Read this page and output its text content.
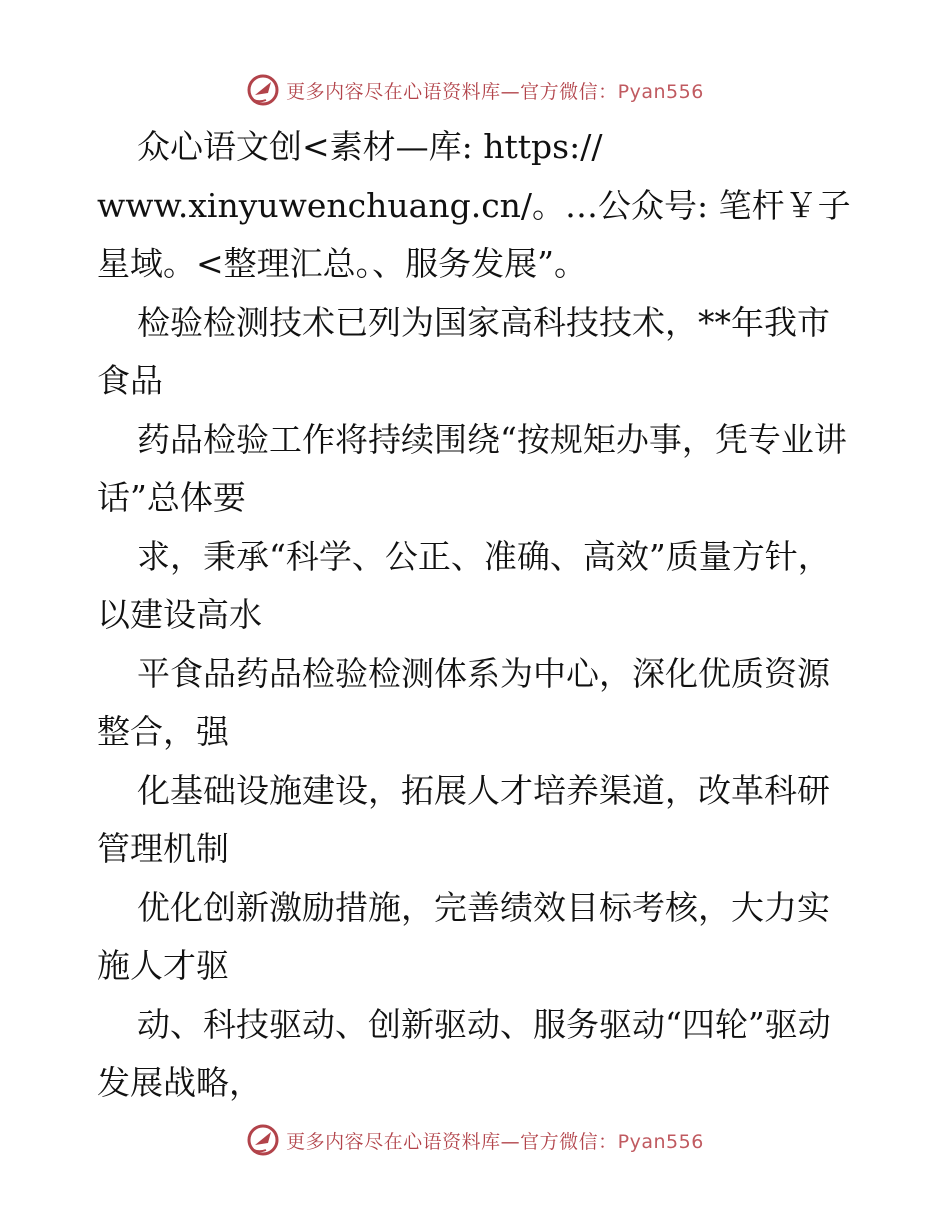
更多内容尽在心语资料库—官方微信：Pyan556

众心语文创<素材—库: https://
www.xinyuwenchuang.cn/。…公众号: 笔杆￥子星域。<整理汇总。、服务发展”。

检验检测技术已列为国家高科技技术，**年我市食品

药品检验工作将持续围绕“按规矩办事，凭专业讲话”总体要

求，秉承“科学、公正、准确、高效”质量方针，以建设高水

平食品药品检验检测体系为中心，深化优质资源整合，强

化基础设施建设，拓展人才培养渠道，改革科研管理机制

优化创新激励措施，完善绩效目标考核，大力实施人才驱

动、科技驱动、创新驱动、服务驱动“四轮”驱动发展战略，

更多内容尽在心语资料库—官方微信：Pyan556
